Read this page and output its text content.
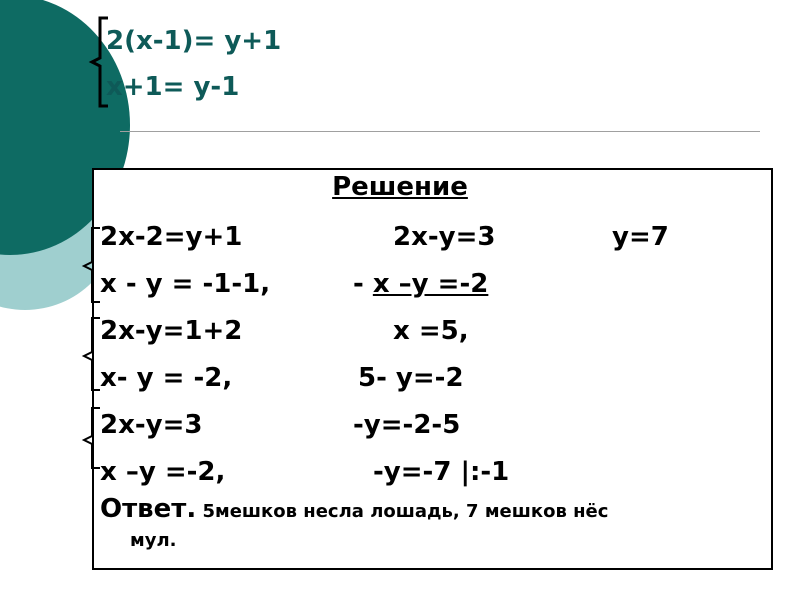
2(x-1)= y+1
x+1= y-1
Решение
2x-2=y+1	2x-y=3	y=7
x - y = -1-1,	- x –y =-2
2x-y=1+2	x =5,
x- y = -2,	5- y=-2
2x-y=3	-y=-2-5
x –y =-2,	-y=-7 |:-1
Ответ. 5мешков несла лошадь, 7 мешков нёс
мул.
